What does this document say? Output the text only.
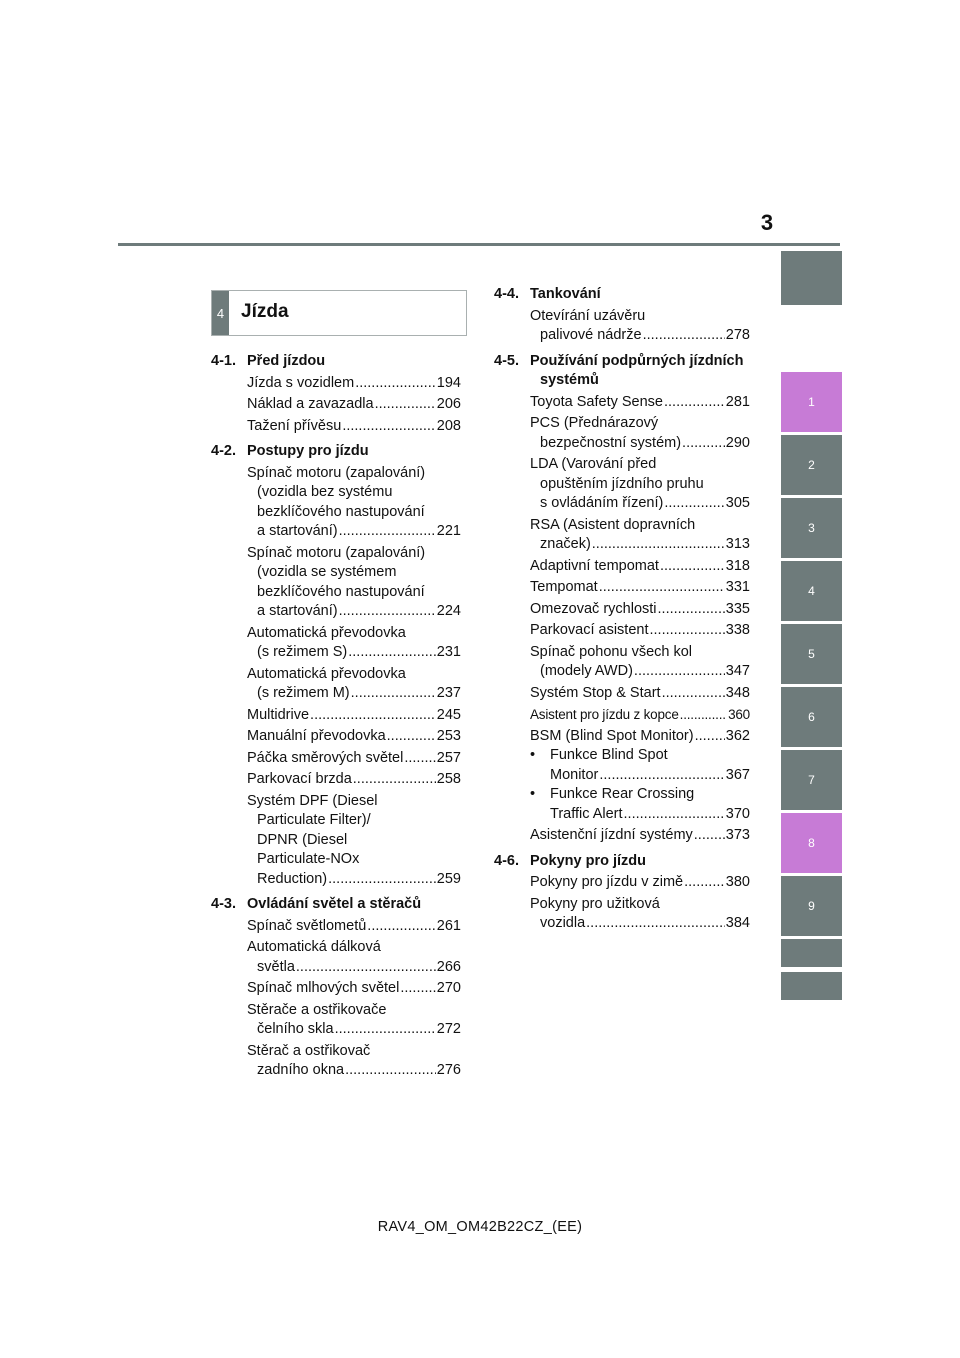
3
4 Jízda
4-1. Před jízdou
Jízda s vozidlem .....	194
Náklad a zavazadla .....	206
Tažení přívěsu .....	208
4-2. Postupy pro jízdu
Spínač motoru (zapalování)
(vozidla bez systému
bezklíčového nastupování
a startování) .....	221
Spínač motoru (zapalování)
(vozidla se systémem
bezklíčového nastupování
a startování) .....	224
Automatická převodovka
(s režimem S) .....	231
Automatická převodovka
(s režimem M) .....	237
Multidrive .....	245
Manuální převodovka .....	253
Páčka směrových světel ..... 257
Parkovací brzda .....	258
Systém DPF (Diesel
Particulate Filter)/
DPNR (Diesel
Particulate-NOx
Reduction) .....	259
4-3. Ovládání světel a stěračů
Spínač světlometů .....	261
Automatická dálková
světla .....	266
Spínač mlhových světel .....	270
Stěrače a ostřikovače
čelního skla .....	272
Stěrač a ostřikovač
zadního okna .....	276
4-4. Tankování
Otevírání uzávěru
palivové nádrže .....	278
4-5. Používání podpůrných jízdních
systémů
Toyota Safety Sense .....	281
PCS (Přednárazový
bezpečnostní systém) .....	290
LDA (Varování před
opuštěním jízdního pruhu
s ovládáním řízení) .....	305
RSA (Asistent dopravních
značek) .....	313
Adaptivní tempomat .....	318
Tempomat .....	331
Omezovač rychlosti .....	335
Parkovací asistent .....	338
Spínač pohonu všech kol
(modely AWD) .....	347
Systém Stop & Start .....	348
Asistent pro jízdu z kopce .....	360
BSM (Blind Spot Monitor) ..... 362
•	Funkce Blind Spot
Monitor .....	367
•	Funkce Rear Crossing
Traffic Alert .....	370
Asistenční jízdní systémy ..... 373
4-6. Pokyny pro jízdu
Pokyny pro jízdu v zimě .....	380
Pokyny pro užitková
vozidla .....	384
1
2
3
4
5
6
7
8
9
RAV4_OM_OM42B22CZ_(EE)
